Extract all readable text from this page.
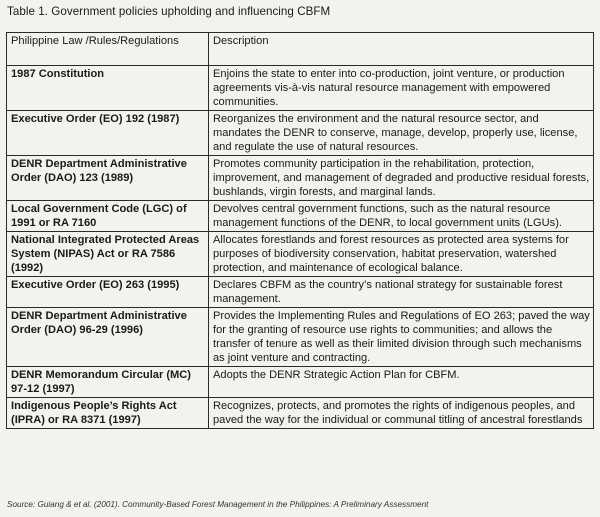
Table 1. Government policies upholding and influencing CBFM
Philippine Law /Rules/Regulations	Description
1987 Constitution	Enjoins the state to enter into co-production, joint venture, or production agreements vis-à-vis natural resource management with empowered communities.
Executive Order (EO) 192 (1987)	Reorganizes the environment and the natural resource sector, and mandates the DENR to conserve, manage, develop, properly use, license, and regulate the use of natural resources.
DENR Department Administrative Order (DAO) 123 (1989)	Promotes community participation in the rehabilitation, protection, improvement, and management of degraded and productive residual forests, bushlands, virgin forests, and marginal lands.
Local Government Code (LGC) of 1991 or RA 7160	Devolves central government functions, such as the natural resource management functions of the DENR, to local government units (LGUs).
National Integrated Protected Areas System (NIPAS) Act or RA 7586 (1992)	Allocates forestlands and forest resources as protected area systems for purposes of biodiversity conservation, habitat preservation, watershed protection, and maintenance of ecological balance.
Executive Order (EO) 263 (1995)	Declares CBFM as the country’s national strategy for sustainable forest management.
DENR Department Administrative Order (DAO) 96-29 (1996)	Provides the Implementing Rules and Regulations of EO 263; paved the way for the granting of resource use rights to communities; and allows the transfer of tenure as well as their limited division through such mechanisms as joint venture and contracting.
DENR Memorandum Circular (MC) 97-12 (1997)	Adopts the DENR Strategic Action Plan for CBFM.
Indigenous People’s Rights Act (IPRA) or RA 8371 (1997)	Recognizes, protects, and promotes the rights of indigenous peoples, and paved the way for the individual or communal titling of ancestral forestlands
Source: Guiang & et al. (2001). Community-Based Forest Management in the Philippines: A Preliminary Assessment
